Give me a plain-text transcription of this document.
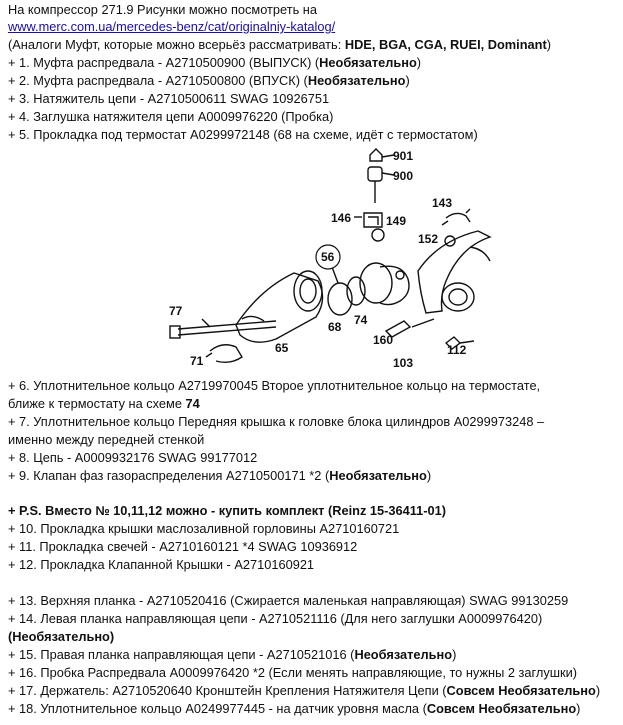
На компрессор 271.9 Рисунки можно посмотреть на
www.merc.com.ua/mercedes-benz/cat/originalniy-katalog/
(Аналоги Муфт, которые можно всерьёз рассматривать: HDE, BGA, CGA, RUEI, Dominant)
+ 1. Муфта распредвала - A2710500900 (ВЫПУСК) (Необязательно)
+ 2. Муфта распредвала - A2710500800 (ВПУСК) (Необязательно)
+ 3. Натяжитель цепи - A2710500611 SWAG 10926751
+ 4. Заглушка натяжителя цепи A0009976220 (Пробка)
+ 5. Прокладка под термостат A0299972148 (68 на схеме, идёт с термостатом)
901
900
146	149
143
152
56
77
68 74
65
160
71	103
112
+ 6. Уплотнительное кольцо A2719970045 Второе уплотнительное кольцо на термостате,
ближе к термостату на схеме 74
+ 7. Уплотнительное кольцо Передняя крышка к головке блока цилиндров A0299973248 –
именно между передней стенкой
+ 8. Цепь - A0009932176 SWAG 99177012
+ 9. Клапан фаз газораспределения A2710500171 *2 (Необязательно)
+ P.S. Вместо № 10,11,12 можно - купить комплект (Reinz 15-36411-01)
+ 10. Прокладка крышки маслозаливной горловины A2710160721
+ 11. Прокладка свечей - A2710160121 *4 SWAG 10936912
+ 12. Прокладка Клапанной Крышки - A2710160921
+ 13. Верхняя планка - A2710520416 (Сжирается маленькая направляющая) SWAG 99130259
+ 14. Левая планка направляющая цепи - A2710521116 (Для него заглушки A0009976420)
(Необязательно)
+ 15. Правая планка направляющая цепи - A2710521016 (Необязательно)
+ 16. Пробка Распредвала A0009976420 *2 (Если менять направляющие, то нужны 2 заглушки)
+ 17. Держатель: A2710520640 Кронштейн Крепления Натяжителя Цепи (Совсем Необязательно)
+ 18. Уплотнительное кольцо A0249977445 - на датчик уровня масла (Совсем Необязательно)
